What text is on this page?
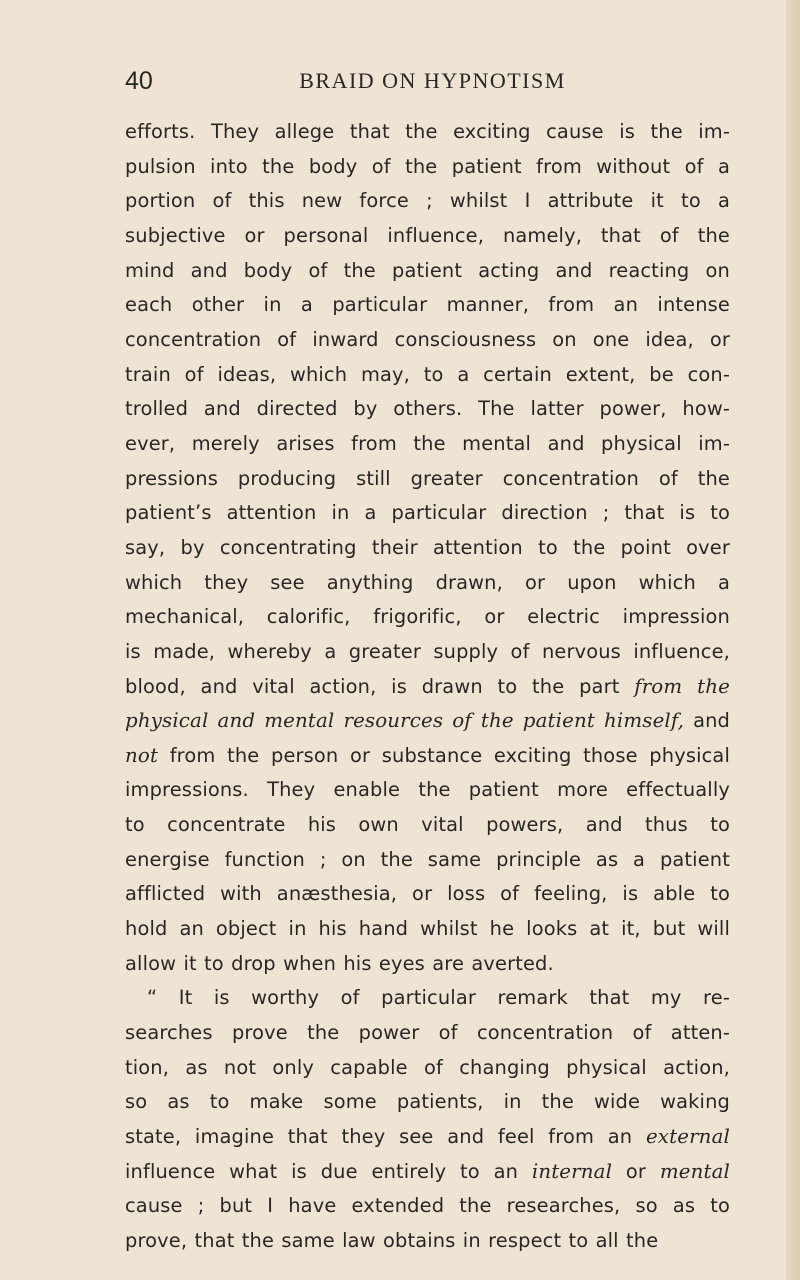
40	BRAID ON HYPNOTISM
efforts. They allege that the exciting cause is the im-
pulsion into the body of the patient from without of a
portion of this new force ; whilst I attribute it to a
subjective or personal influence, namely, that of the
mind and body of the patient acting and reacting on
each other in a particular manner, from an intense
concentration of inward consciousness on one idea, or
train of ideas, which may, to a certain extent, be con-
trolled and directed by others. The latter power, how-
ever, merely arises from the mental and physical im-
pressions producing still greater concentration of the
patient’s attention in a particular direction ; that is to
say, by concentrating their attention to the point over
which they see anything drawn, or upon which a
mechanical, calorific, frigorific, or electric impression
is made, whereby a greater supply of nervous influence,
blood, and vital action, is drawn to the part from the
physical and mental resources of the patient himself, and
not from the person or substance exciting those physical
impressions. They enable the patient more effectually
to concentrate his own vital powers, and thus to
energise function ; on the same principle as a patient
afflicted with anæsthesia, or loss of feeling, is able to
hold an object in his hand whilst he looks at it, but will
allow it to drop when his eyes are averted.
“ It is worthy of particular remark that my re-
searches prove the power of concentration of atten-
tion, as not only capable of changing physical action,
so as to make some patients, in the wide waking
state, imagine that they see and feel from an external
influence what is due entirely to an internal or mental
cause ; but I have extended the researches, so as to
prove, that the same law obtains in respect to all the
